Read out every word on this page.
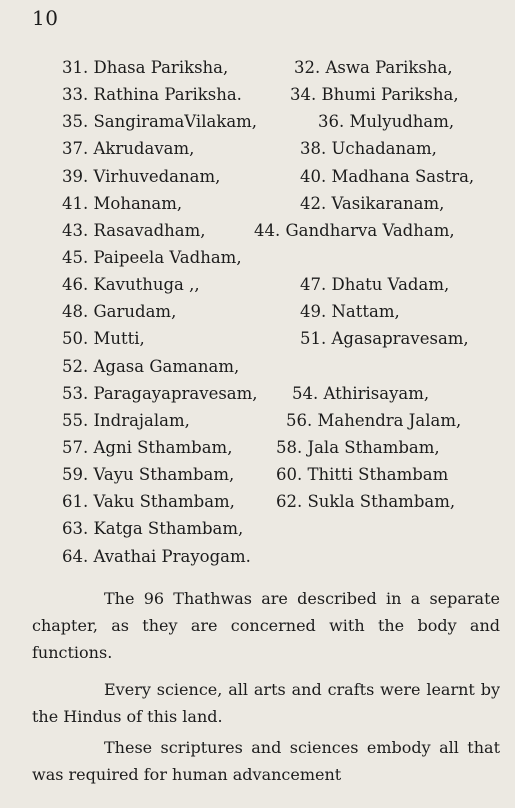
10
31. Dhasa Pariksha,	32. Aswa Pariksha,
33. Rathina Pariksha.	34. Bhumi Pariksha,
35. SangiramaVilakam,	36. Mulyudham,
37. Akrudavam,	38. Uchadanam,
39. Virhuvedanam,	40. Madhana Sastra,
41. Mohanam,	42. Vasikaranam,
43. Rasavadham,	44. Gandharva Vadham,
45. Paipeela Vadham,
46. Kavuthuga ,,	47. Dhatu Vadam,
48. Garudam,	49. Nattam,
50. Mutti,	51. Agasapravesam,
52. Agasa Gamanam,
53. Paragayapravesam, 54. Athirisayam,
55. Indrajalam,	56. Mahendra Jalam,
57. Agni Sthambam,	58. Jala Sthambam,
59. Vayu Sthambam,	60. Thitti Sthambam
61. Vaku Sthambam, 62. Sukla Sthambam,
63. Katga Sthambam,
64. Avathai Prayogam.

The 96 Thathwas are described in a separate chapter, as they are concerned with the body and functions.

Every science, all arts and crafts were learnt by the Hindus of this land.

These scriptures and sciences embody all that was required for human advancement
